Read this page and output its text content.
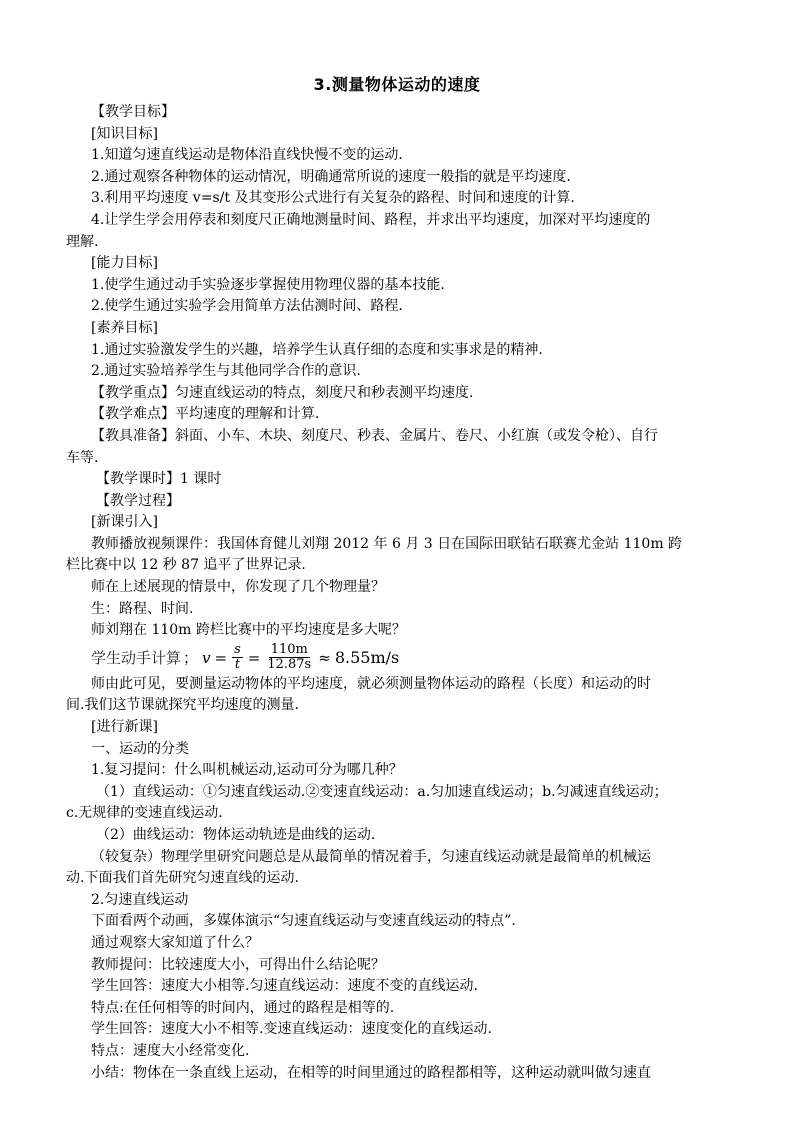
3.测量物体运动的速度
【教学目标】
[知识目标]
1.知道匀速直线运动是物体沿直线快慢不变的运动.
2.通过观察各种物体的运动情况，明确通常所说的速度一般指的就是平均速度.
3.利用平均速度 v=s/t 及其变形公式进行有关复杂的路程、时间和速度的计算.
4.让学生学会用停表和刻度尺正确地测量时间、路程，并求出平均速度，加深对平均速度的
理解.
[能力目标]
1.使学生通过动手实验逐步掌握使用物理仪器的基本技能.
2.使学生通过实验学会用简单方法估测时间、路程.
[素养目标]
1.通过实验激发学生的兴趣，培养学生认真仔细的态度和实事求是的精神.
2.通过实验培养学生与其他同学合作的意识.
【教学重点】匀速直线运动的特点，刻度尺和秒表测平均速度.
【教学难点】平均速度的理解和计算.
【教具准备】斜面、小车、木块、刻度尺、秒表、金属片、卷尺、小红旗（或发令枪）、自行
车等.
【教学课时】1 课时
【教学过程】
[新课引入]
教师播放视频课件：我国体育健儿刘翔 2012 年 6 月 3 日在国际田联钻石联赛尤金站 110m 跨
栏比赛中以 12 秒 87 追平了世界记录.
师在上述展现的情景中，你发现了几个物理量？
生：路程、时间.
师刘翔在 110m 跨栏比赛中的平均速度是多大呢？
学生动手计算 ； $v = \frac{s}{t} = \frac{110m}{12.87s} \approx 8.55m/s$
师由此可见，要测量运动物体的平均速度，就必须测量物体运动的路程（长度）和运动的时
间.我们这节课就探究平均速度的测量.
[进行新课]
一、运动的分类
1.复习提问：什么叫机械运动,运动可分为哪几种？
（1）直线运动：①匀速直线运动.②变速直线运动：a.匀加速直线运动；b.匀减速直线运动；
c.无规律的变速直线运动.
（2）曲线运动：物体运动轨迹是曲线的运动.
（较复杂）物理学里研究问题总是从最简单的情况着手，匀速直线运动就是最简单的机械运
动.下面我们首先研究匀速直线的运动.
2.匀速直线运动
下面看两个动画，多媒体演示“匀速直线运动与变速直线运动的特点”.
通过观察大家知道了什么？
教师提问：比较速度大小，可得出什么结论呢？
学生回答：速度大小相等.匀速直线运动：速度不变的直线运动.
特点:在任何相等的时间内，通过的路程是相等的.
学生回答：速度大小不相等.变速直线运动：速度变化的直线运动.
特点：速度大小经常变化.
小结：物体在一条直线上运动，在相等的时间里通过的路程都相等，这种运动就叫做匀速直
